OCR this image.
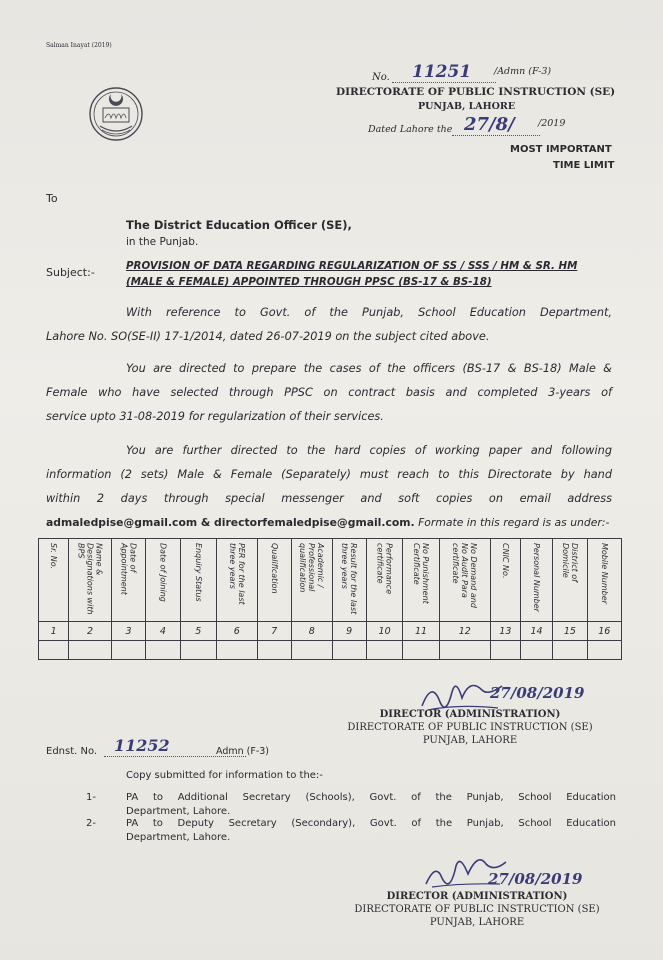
Salman Inayat (2019)
No. 11251 /Admn (F-3)
DIRECTORATE OF PUBLIC INSTRUCTION (SE)
PUNJAB, LAHORE
Dated Lahore the 27/8/ /2019
MOST IMPORTANT
TIME LIMIT
To
The District Education Officer (SE),
in the Punjab.
Subject:-	PROVISION OF DATA REGARDING REGULARIZATION OF SS / SSS / HM & SR. HM
(MALE & FEMALE) APPOINTED THROUGH PPSC (BS-17 & BS-18)
With reference to Govt. of the Punjab, School Education Department,
Lahore No. SO(SE-II) 17-1/2014, dated 26-07-2019 on the subject cited above.
You are directed to prepare the cases of the officers (BS-17 & BS-18) Male &
Female who have selected through PPSC on contract basis and completed 3-years of
service upto 31-08-2019 for regularization of their services.
You are further directed to the hard copies of working paper and following
information (2 sets) Male & Female (Separately) must reach to this Directorate by hand
within 2 days through special messenger and soft copies on email address
admaledpise@gmail.com & directorfemaledpise@gmail.com. Formate in this regard is as under:-
Sr. No.	Name & Designations with BPS	Date of Appointment	Date of Joining	Enquiry Status	PER for the last three years	Qualification	Academic / Professional qualification	Result for the last three years	Performance certificate	No Punishment Certificate	No Demand and No Audit Para certificate	CNIC No.	Personal Number	District of Domicile	Mobile Number

1	2	3	4	5	6	7	8	9	10	11	12	13	14	15	16

27/08/2019
DIRECTOR (ADMINISTRATION)
DIRECTORATE OF PUBLIC INSTRUCTION (SE)
PUNJAB, LAHORE
Ednst. No. 11252	Admn (F-3)
Copy submitted for information to the:-
1-	PA to Additional Secretary (Schools), Govt. of the Punjab, School Education
Department, Lahore.
2-	PA to Deputy Secretary (Secondary), Govt. of the Punjab, School Education
Department, Lahore.
27/08/2019
DIRECTOR (ADMINISTRATION)
DIRECTORATE OF PUBLIC INSTRUCTION (SE)
PUNJAB, LAHORE
